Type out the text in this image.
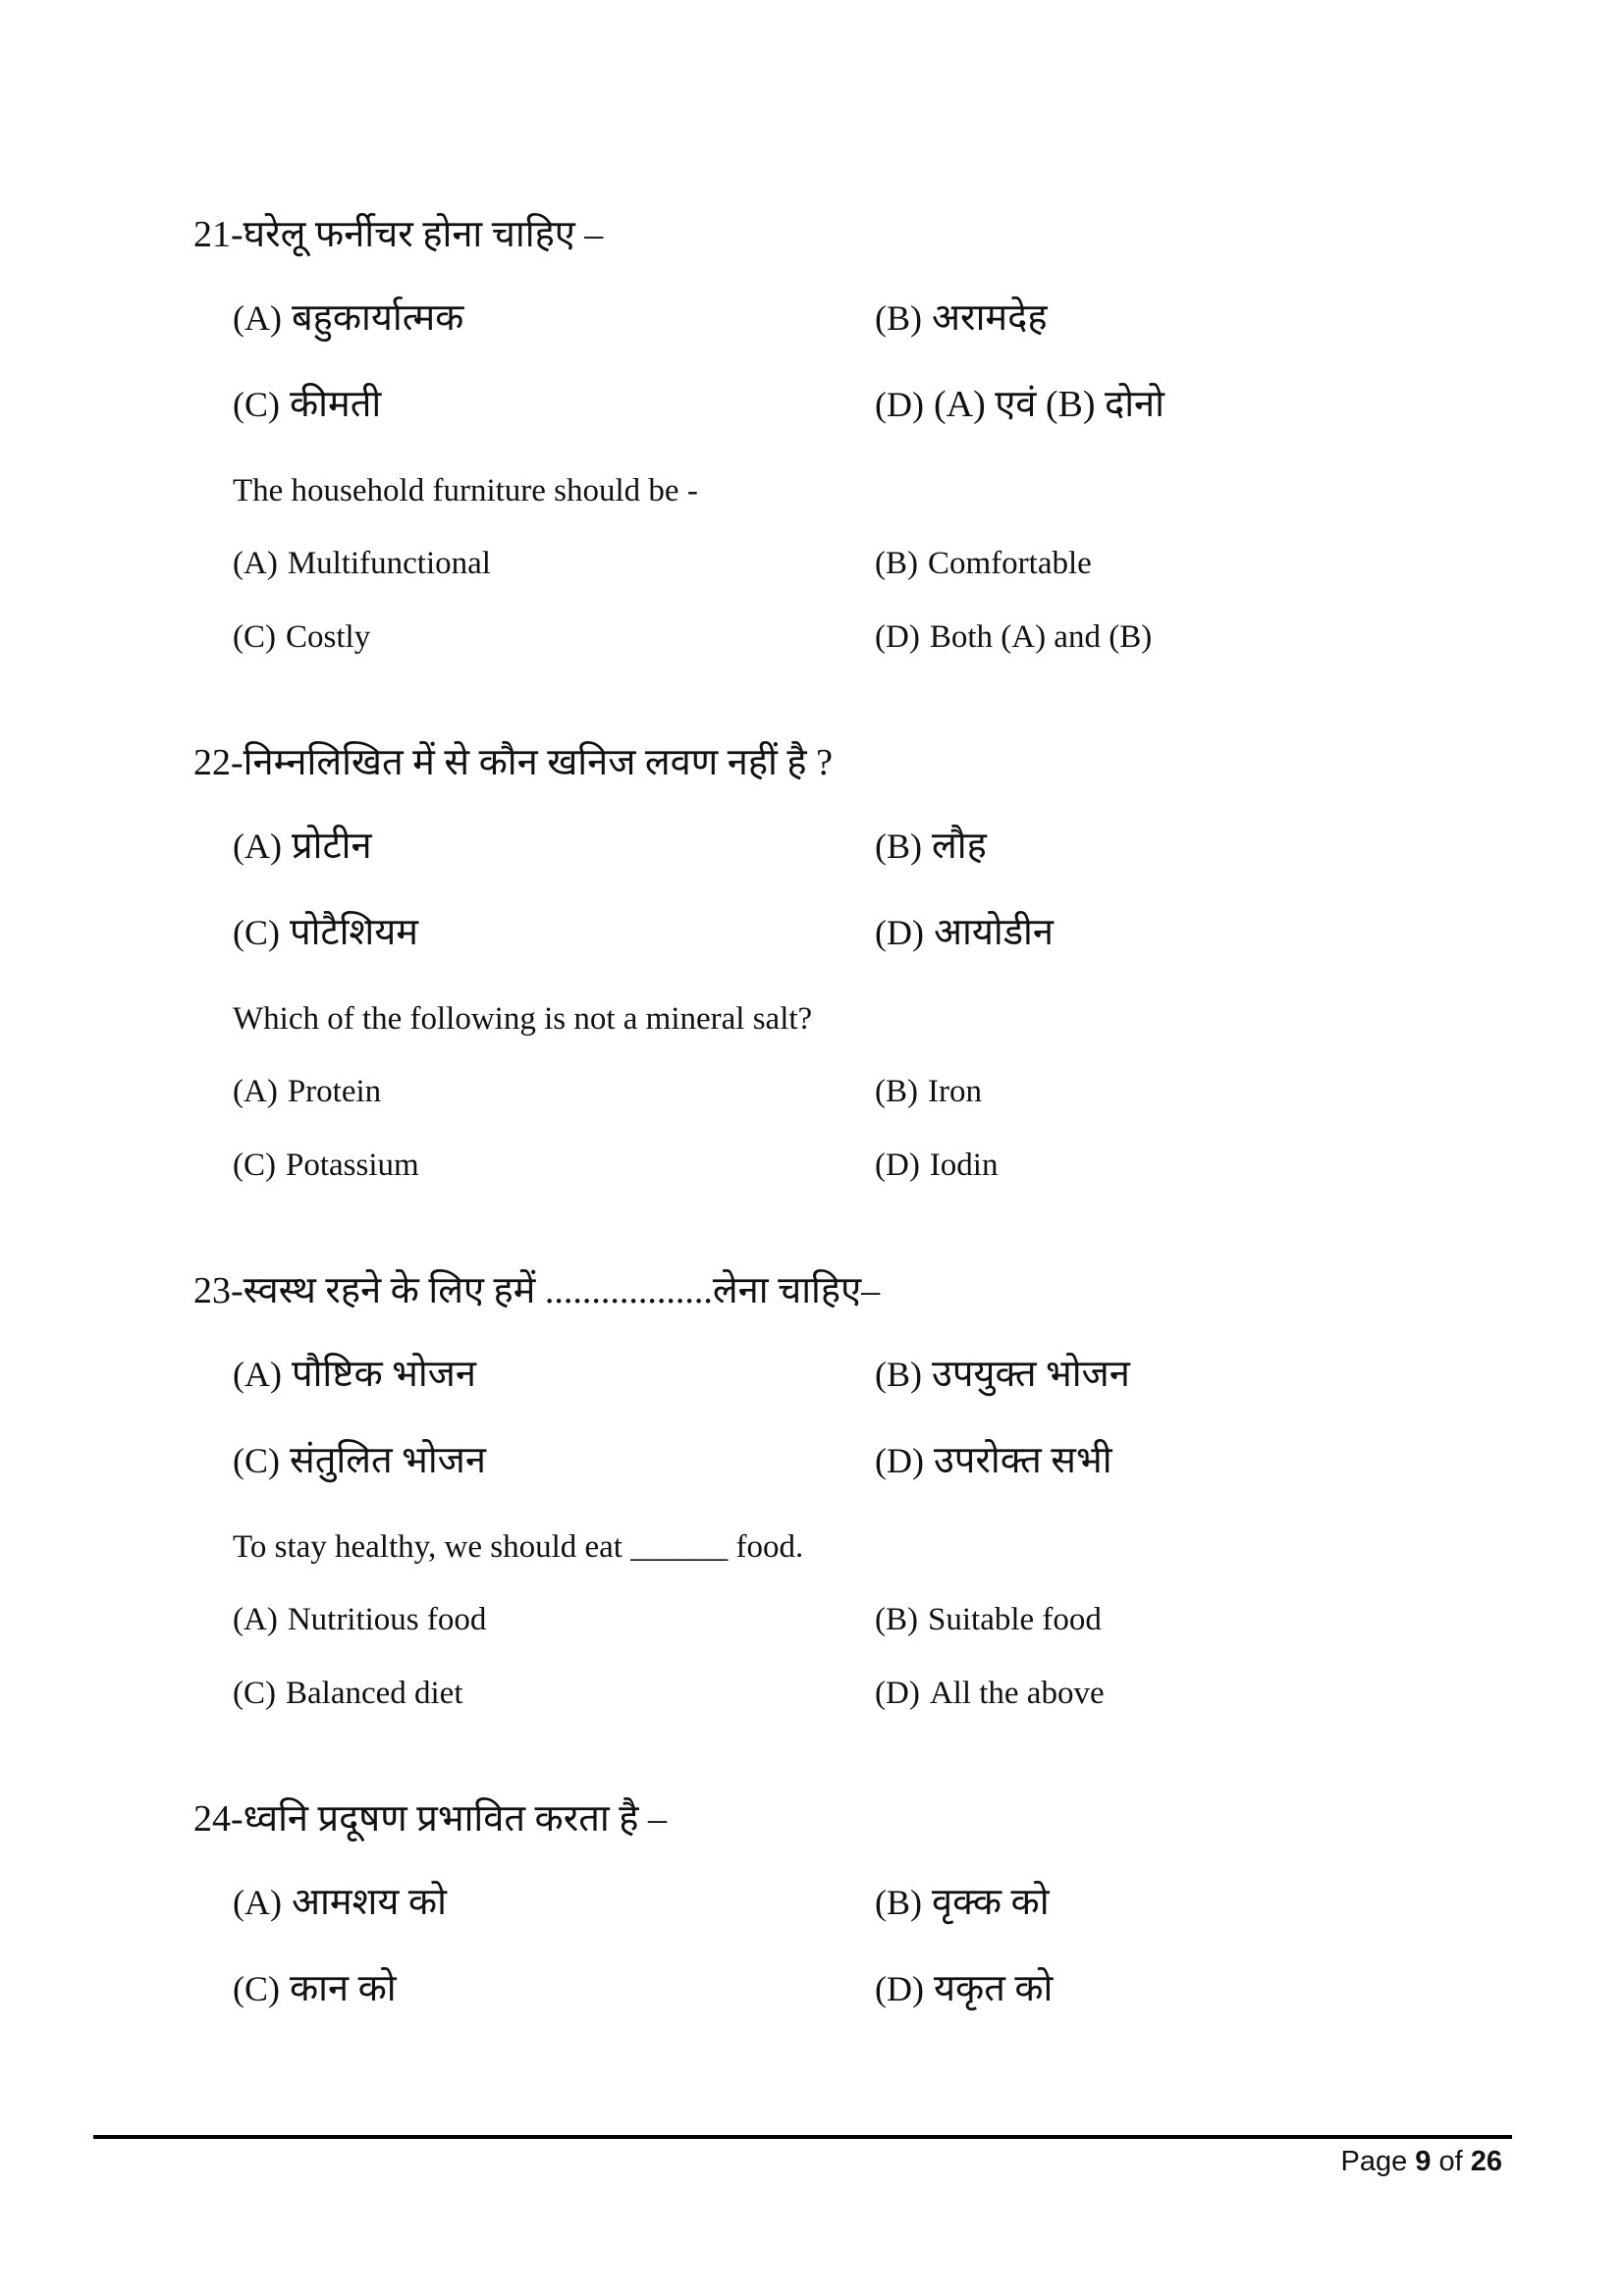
21-घरेलू फर्नीचर होना चाहिए –
(A) बहुकार्यात्मक	(B) अरामदेह
(C) कीमती	(D) (A) एवं (B) दोनो
The household furniture should be -
(A) Multifunctional	(B) Comfortable
(C) Costly	(D) Both (A) and (B)
22-निम्नलिखित में से कौन खनिज लवण नहीं है ?
(A) प्रोटीन	(B) लौह
(C) पोटैशियम	(D) आयोडीन
Which of the following is not a mineral salt?
(A) Protein	(B) Iron
(C) Potassium	(D) Iodin
23-स्वस्थ रहने के लिए हमें ..................लेना चाहिए–
(A) पौष्टिक भोजन	(B) उपयुक्त भोजन
(C) संतुलित भोजन	(D) उपरोक्त सभी
To stay healthy, we should eat ______ food.
(A) Nutritious food	(B) Suitable food
(C) Balanced diet	(D) All the above
24-ध्वनि प्रदूषण प्रभावित करता है –
(A) आमशय को	(B) वृक्क को
(C) कान को	(D) यकृत को
Page 9 of 26
